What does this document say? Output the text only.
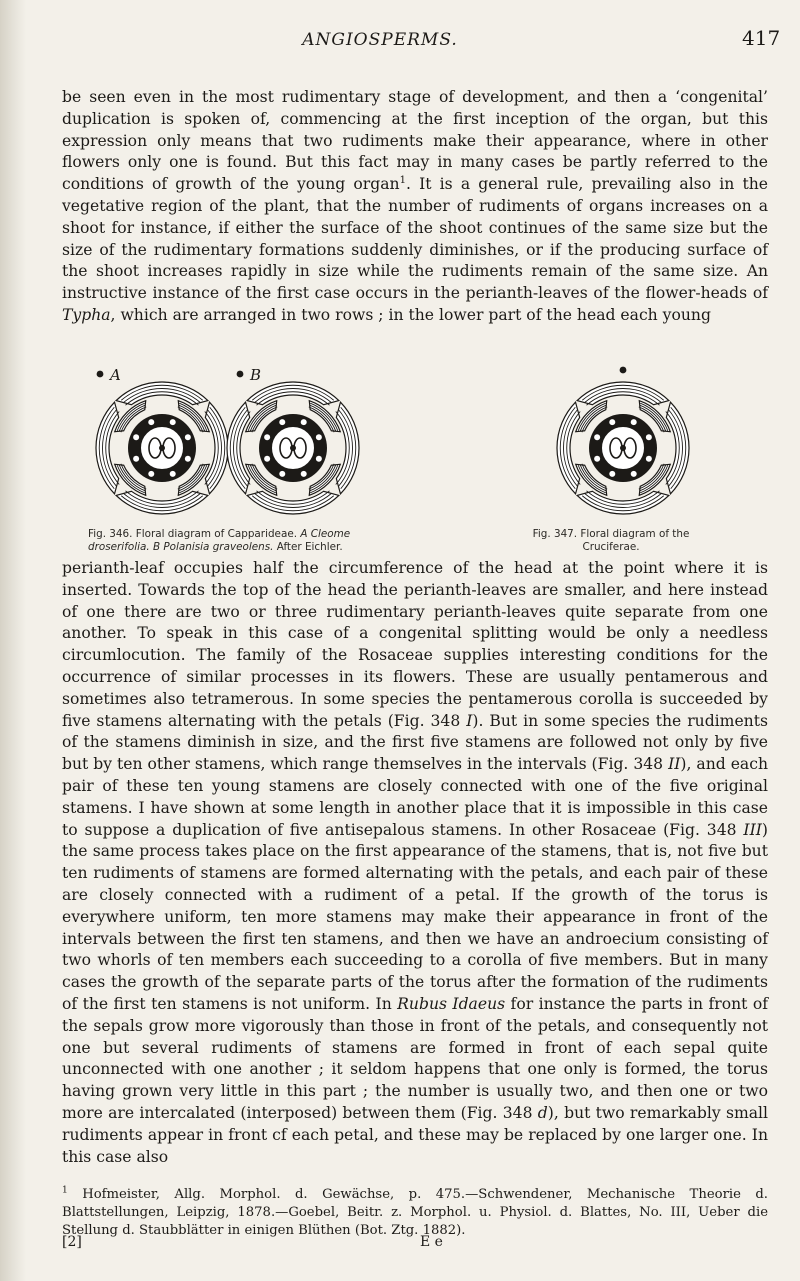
ANGIOSPERMS.	417

be seen even in the most rudimentary stage of development, and then a ‘congenital’ duplication is spoken of, commencing at the first inception of the organ, but this expression only means that two rudiments make their appearance, where in other flowers only one is found. But this fact may in many cases be partly referred to the conditions of growth of the young organ$^1$. It is a general rule, prevailing also in the vegetative region of the plant, that the number of rudiments of organs increases on a shoot for instance, if either the surface of the shoot continues of the same size but the size of the rudimentary formations suddenly diminishes, or if the producing surface of the shoot increases rapidly in size while the rudiments remain of the same size. An instructive instance of the first case occurs in the perianth-leaves of the flower-heads of Typha, which are arranged in two rows ; in the lower part of the head each young

A	B
Fig. 346. Floral diagram of Capparideae. A Cleome droserifolia. B Polanisia graveolens. After Eichler.
Fig. 347. Floral diagram of the Cruciferae.

perianth-leaf occupies half the circumference of the head at the point where it is inserted. Towards the top of the head the perianth-leaves are smaller, and here instead of one there are two or three rudimentary perianth-leaves quite separate from one another. To speak in this case of a congenital splitting would be only a needless circumlocution. The family of the Rosaceae supplies interesting conditions for the occurrence of similar processes in its flowers. These are usually pentamerous and sometimes also tetramerous. In some species the pentamerous corolla is succeeded by five stamens alternating with the petals (Fig. 348 I). But in some species the rudiments of the stamens diminish in size, and the first five stamens are followed not only by five but by ten other stamens, which range themselves in the intervals (Fig. 348 II), and each pair of these ten young stamens are closely connected with one of the five original stamens. I have shown at some length in another place that it is impossible in this case to suppose a duplication of five antisepalous stamens. In other Rosaceae (Fig. 348 III) the same process takes place on the first appearance of the stamens, that is, not five but ten rudiments of stamens are formed alternating with the petals, and each pair of these are closely connected with a rudiment of a petal. If the growth of the torus is everywhere uniform, ten more stamens may make their appearance in front of the intervals between the first ten stamens, and then we have an androecium consisting of two whorls of ten members each succeeding to a corolla of five members. But in many cases the growth of the separate parts of the torus after the formation of the rudiments of the first ten stamens is not uniform. In Rubus Idaeus for instance the parts in front of the sepals grow more vigorously than those in front of the petals, and consequently not one but several rudiments of stamens are formed in front of each sepal quite unconnected with one another ; it seldom happens that one only is formed, the torus having grown very little in this part ; the number is usually two, and then one or two more are intercalated (interposed) between them (Fig. 348 d), but two remarkably small rudiments appear in front cf each petal, and these may be replaced by one larger one. In this case also

$^1$ Hofmeister, Allg. Morphol. d. Gewächse, p. 475.—Schwendener, Mechanische Theorie d. Blattstellungen, Leipzig, 1878.—Goebel, Beitr. z. Morphol. u. Physiol. d. Blattes, No. III, Ueber die Stellung d. Staubblätter in einigen Blüthen (Bot. Ztg. 1882).

[2]	E e
